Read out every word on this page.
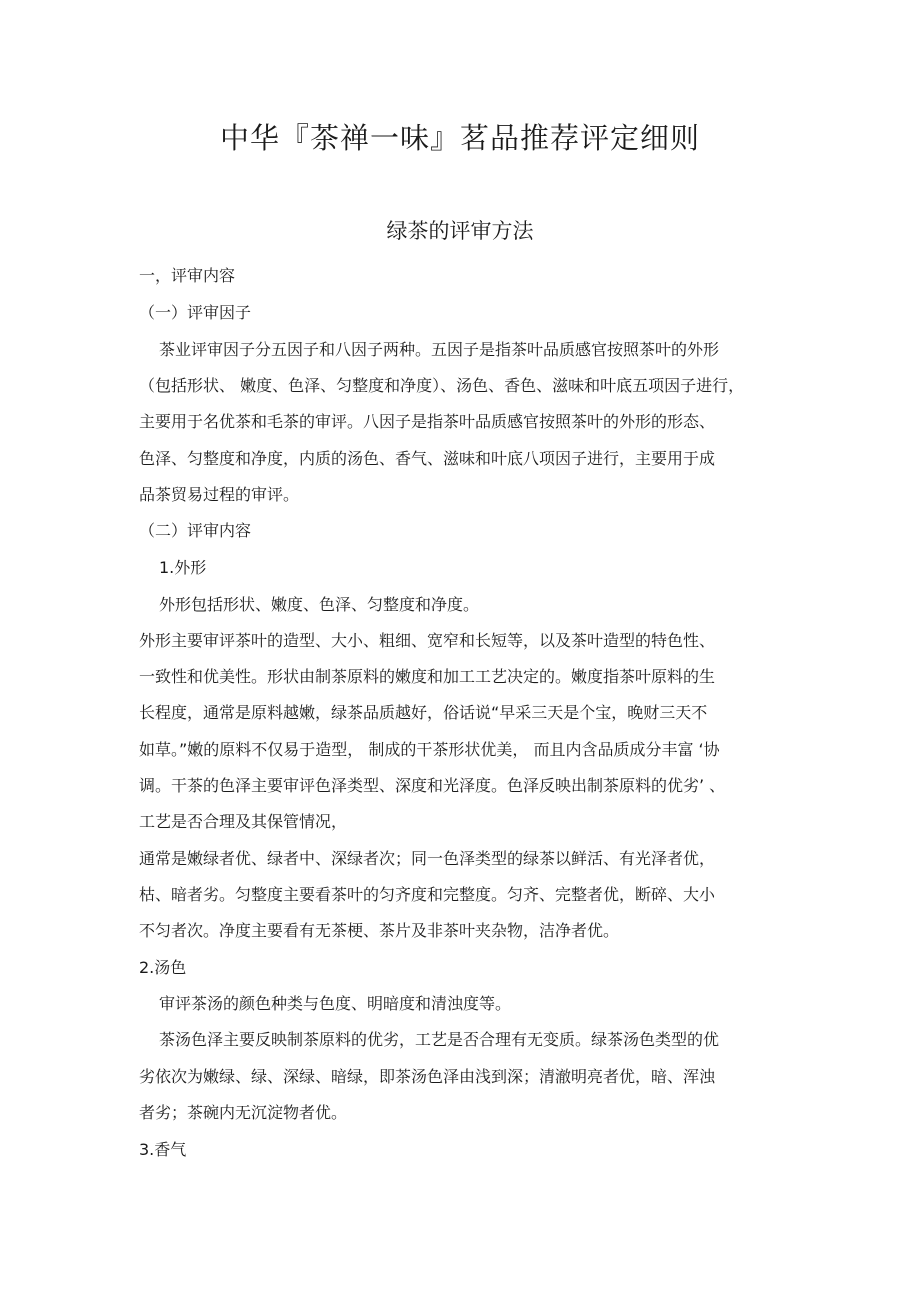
中华『茶禅一味』茗品推荐评定细则
绿茶的评审方法
一，评审内容
（一）评审因子
茶业评审因子分五因子和八因子两种。五因子是指茶叶品质感官按照茶叶的外形
（包括形状、 嫩度、色泽、匀整度和净度）、汤色、香色、滋味和叶底五项因子进行，
主要用于名优茶和毛茶的审评。八因子是指茶叶品质感官按照茶叶的外形的形态、
色泽、匀整度和净度，内质的汤色、香气、滋味和叶底八项因子进行，主要用于成
品茶贸易过程的审评。
（二）评审内容
1.外形
外形包括形状、嫩度、色泽、匀整度和净度。
外形主要审评茶叶的造型、大小、粗细、宽窄和长短等，以及茶叶造型的特色性、
一致性和优美性。形状由制茶原料的嫩度和加工工艺决定的。嫩度指茶叶原料的生
长程度，通常是原料越嫩，绿茶品质越好，俗话说“早采三天是个宝，晚财三天不
如草。”嫩的原料不仅易于造型， 制成的干茶形状优美， 而且内含品质成分丰富 ‘协
调。干茶的色泽主要审评色泽类型、深度和光泽度。色泽反映出制茶原料的优劣’ 、
工艺是否合理及其保管情况，
通常是嫩绿者优、绿者中、深绿者次；同一色泽类型的绿茶以鲜活、有光泽者优，
枯、暗者劣。匀整度主要看茶叶的匀齐度和完整度。匀齐、完整者优，断碎、大小
不匀者次。净度主要看有无茶梗、茶片及非茶叶夹杂物，洁净者优。
2.汤色
审评茶汤的颜色种类与色度、明暗度和清浊度等。
茶汤色泽主要反映制茶原料的优劣，工艺是否合理有无变质。绿茶汤色类型的优
劣依次为嫩绿、绿、深绿、暗绿，即茶汤色泽由浅到深；清澈明亮者优，暗、浑浊
者劣；茶碗内无沉淀物者优。
3.香气
